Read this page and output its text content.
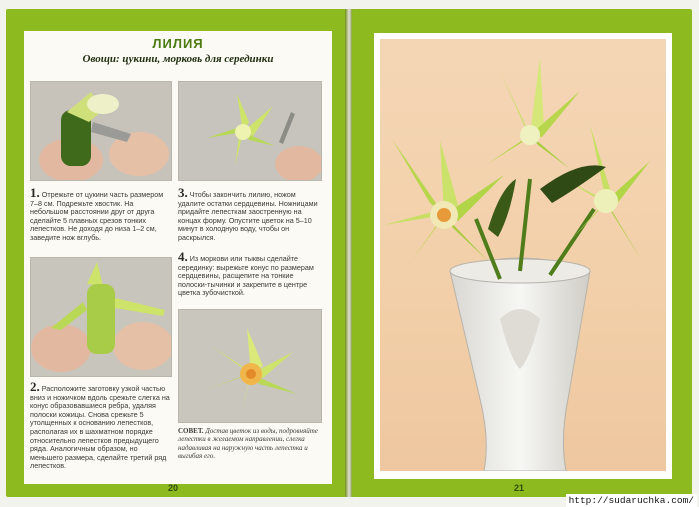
ЛИЛИЯ
Овощи: цукини, морковь для серединки
1. Отрежьте от цукини часть размером 7–8 см. Подрежьте хвостик. На небольшом расстоянии друг от друга сделайте 5 плавных срезов тонких лепестков. Не доходя до низа 1–2 см, заведите нож вглубь.
3. Чтобы закончить лилию, ножом удалите остатки сердцевины. Ножницами придайте лепесткам заостренную на концах форму. Опустите цветок на 5–10 минут в холодную воду, чтобы он раскрылся.
4. Из моркови или тыквы сделайте серединку: вырежьте конус по размерам сердцевины, расщепите на тонкие полоски-тычинки и закрепите в центре цветка зубочисткой.
2. Расположите заготовку узкой частью вниз и ножичком вдоль срежьте слегка на конус образовавшиеся ребра, удаляя полоски кожицы. Снова срежьте 5 утолщенных к основанию лепестков, располагая их в шахматном порядке относительно лепестков предыдущего ряда. Аналогичным образом, но меньшего размера, сделайте третий ряд лепестков.
СОВЕТ. Достав цветок из воды, подровняйте лепестки в желаемом направлении, слегка надавливая на наружную часть лепестка и выгибая его.
20	21
http://sudaruchka.com/
